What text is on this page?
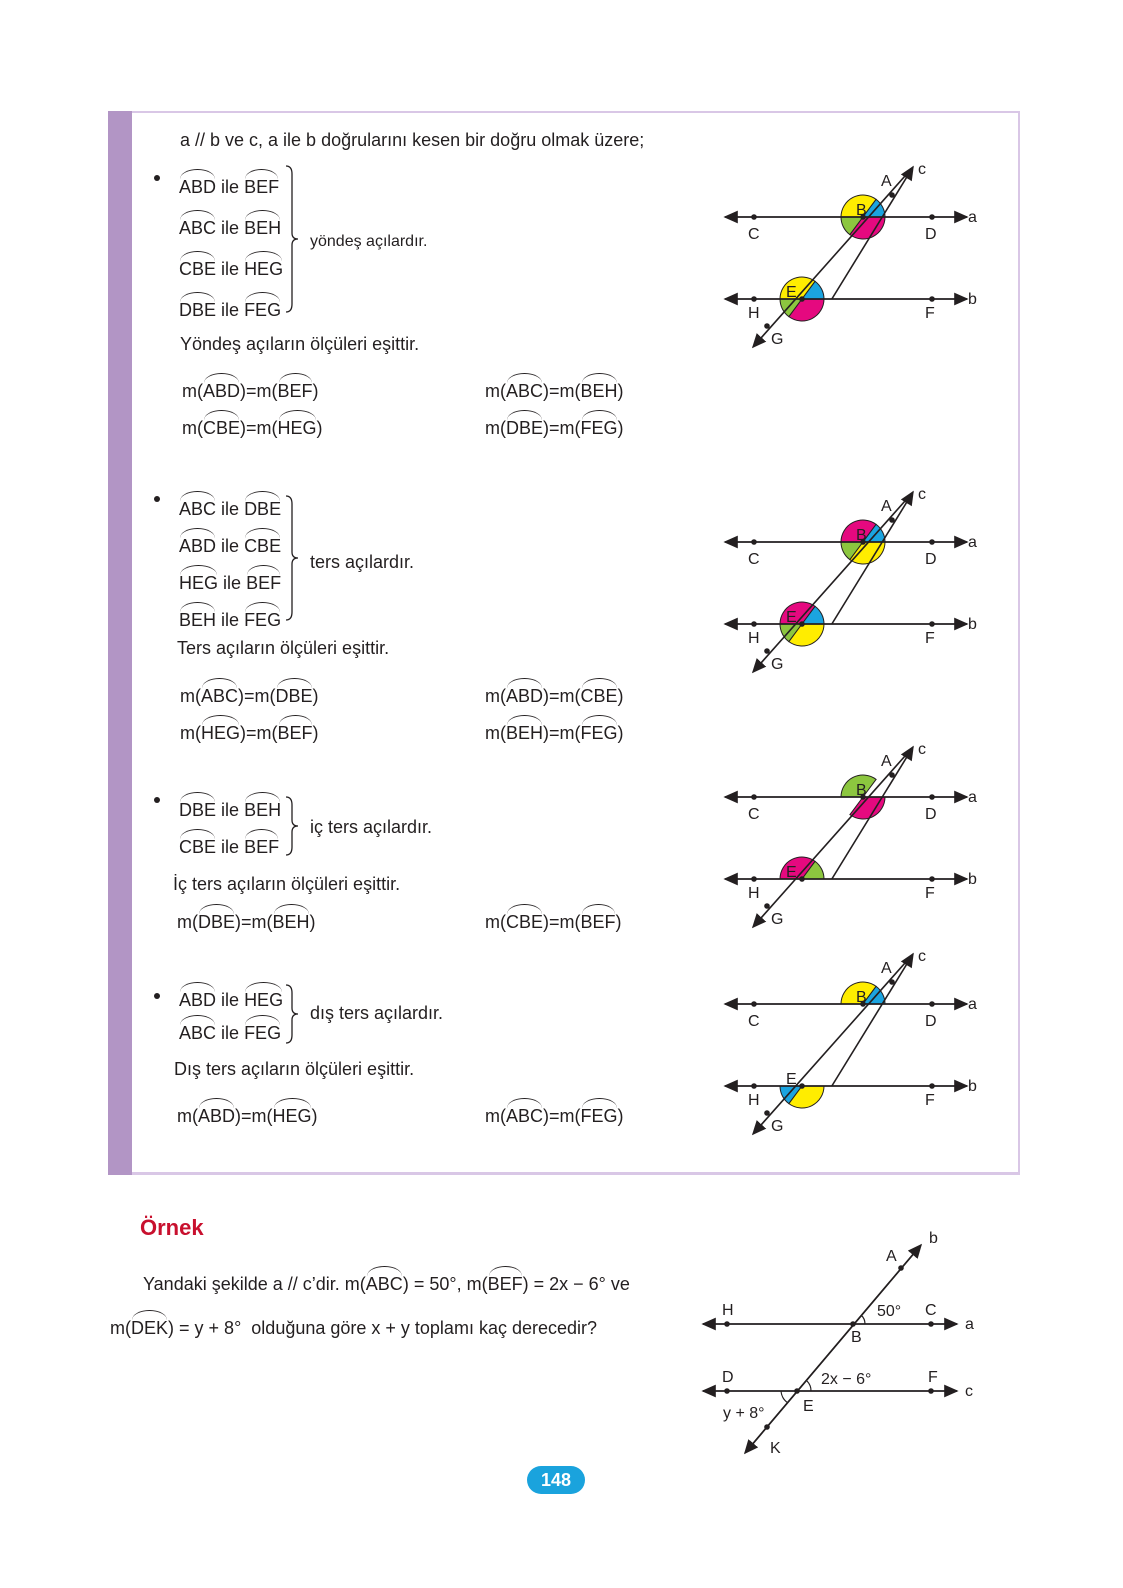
a // b ve c, a ile b doğrularını kesen bir doğru olmak üzere;
ABD ile BEF
ABC ile BEH
CBE ile HEG
DBE ile FEG
yöndeş açılardır.
Yöndeş açıların ölçüleri eşittir.
m(ABD)=m(BEF)	m(ABC)=m(BEH)
m(CBE)=m(HEG)	m(DBE)=m(FEG)
ABC ile DBE
ABD ile CBE
HEG ile BEF
BEH ile FEG
ters açılardır.
Ters açıların ölçüleri eşittir.
m(ABC)=m(DBE)	m(ABD)=m(CBE)
m(HEG)=m(BEF)	m(BEH)=m(FEG)
DBE ile BEH
CBE ile BEF
iç ters açılardır.
İç ters açıların ölçüleri eşittir.
m(DBE)=m(BEH)	m(CBE)=m(BEF)
ABD ile HEG
ABC ile FEG
dış ters açılardır.
Dış ters açıların ölçüleri eşittir.
m(ABD)=m(HEG)	m(ABC)=m(FEG)
A
c
B
C	D
a
E
H	F
b
G
A
c
B
C	D
a
E
H	F
b
G
A
c
B
C	D
a
E
H	F
b
G
A
c
B
C	D
a
E
H	F
b
G
Örnek
Yandaki şekilde a // c’dir. m(ABC) = 50°, m(BEF) = 2x − 6° ve
m(DEK) = y + 8° olduğuna göre x + y toplamı kaç derecedir?
A
b
H	50° C
a
B
D	2x − 6°	F
c
y + 8° E
K
148
